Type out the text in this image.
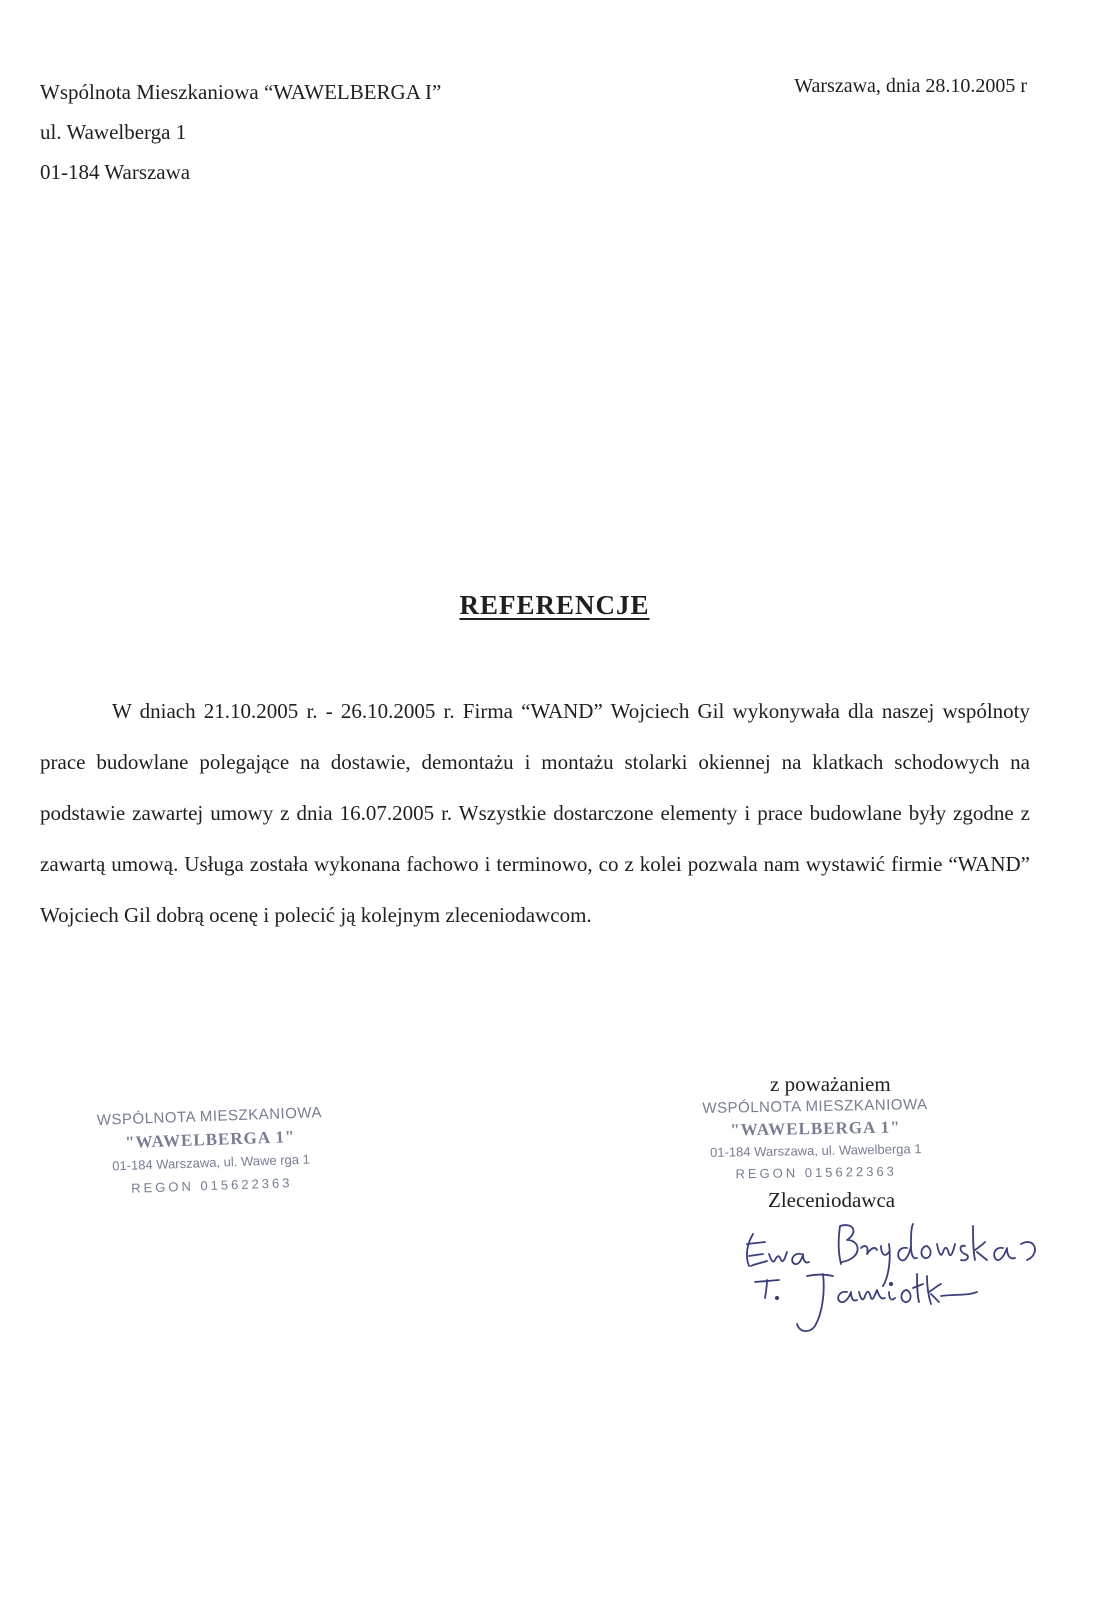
Wspólnota Mieszkaniowa “WAWELBERGA I”
ul. Wawelberga 1
01-184 Warszawa
Warszawa, dnia 28.10.2005 r
REFERENCJE

W dniach 21.10.2005 r. - 26.10.2005 r. Firma “WAND” Wojciech Gil wykonywała dla naszej wspólnoty prace budowlane polegające na dostawie, demontażu i montażu stolarki okiennej na klatkach schodowych na podstawie zawartej umowy z dnia 16.07.2005 r. Wszystkie dostarczone elementy i prace budowlane były zgodne z zawartą umową. Usługa została wykonana fachowo i terminowo, co z kolei pozwala nam wystawić firmie “WAND” Wojciech Gil dobrą ocenę i polecić ją kolejnym zleceniodawcom.

WSPÓLNOTA MIESZKANIOWA
"WAWELBERGA 1"
01-184 Warszawa, ul. Wawe rga 1
REGON 015622363
z poważaniem
WSPÓLNOTA MIESZKANIOWA
"WAWELBERGA 1"
01-184 Warszawa, ul. Wawelberga 1
REGON 015622363
Zleceniodawca
